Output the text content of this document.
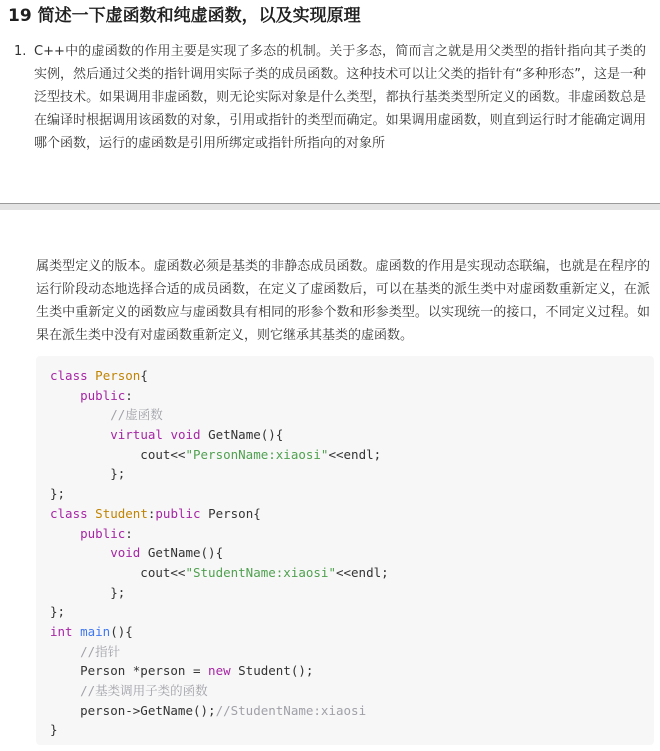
19 简述一下虚函数和纯虚函数，以及实现原理
1. C++中的虚函数的作用主要是实现了多态的机制。关于多态，简而言之就是用父类型的指针指向其子类的实例，然后通过父类的指针调用实际子类的成员函数。这种技术可以让父类的指针有“多种形态”，这是一种泛型技术。如果调用非虚函数，则无论实际对象是什么类型，都执行基类类型所定义的函数。非虚函数总是在编译时根据调用该函数的对象，引用或指针的类型而确定。如果调用虚函数，则直到运行时才能确定调用哪个函数，运行的虚函数是引用所绑定或指针所指向的对象所
属类型定义的版本。虚函数必须是基类的非静态成员函数。虚函数的作用是实现动态联编，也就是在程序的运行阶段动态地选择合适的成员函数，在定义了虚函数后，可以在基类的派生类中对虚函数重新定义，在派生类中重新定义的函数应与虚函数具有相同的形参个数和形参类型。以实现统一的接口，不同定义过程。如果在派生类中没有对虚函数重新定义，则它继承其基类的虚函数。
class Person{
public:
//虚函数
virtual void GetName(){
cout<<"PersonName:xiaosi"<<endl;
};
};
class Student:public Person{
public:
void GetName(){
cout<<"StudentName:xiaosi"<<endl;
};
};
int main(){
//指针
Person *person = new Student();
//基类调用子类的函数
person->GetName();//StudentName:xiaosi
}
